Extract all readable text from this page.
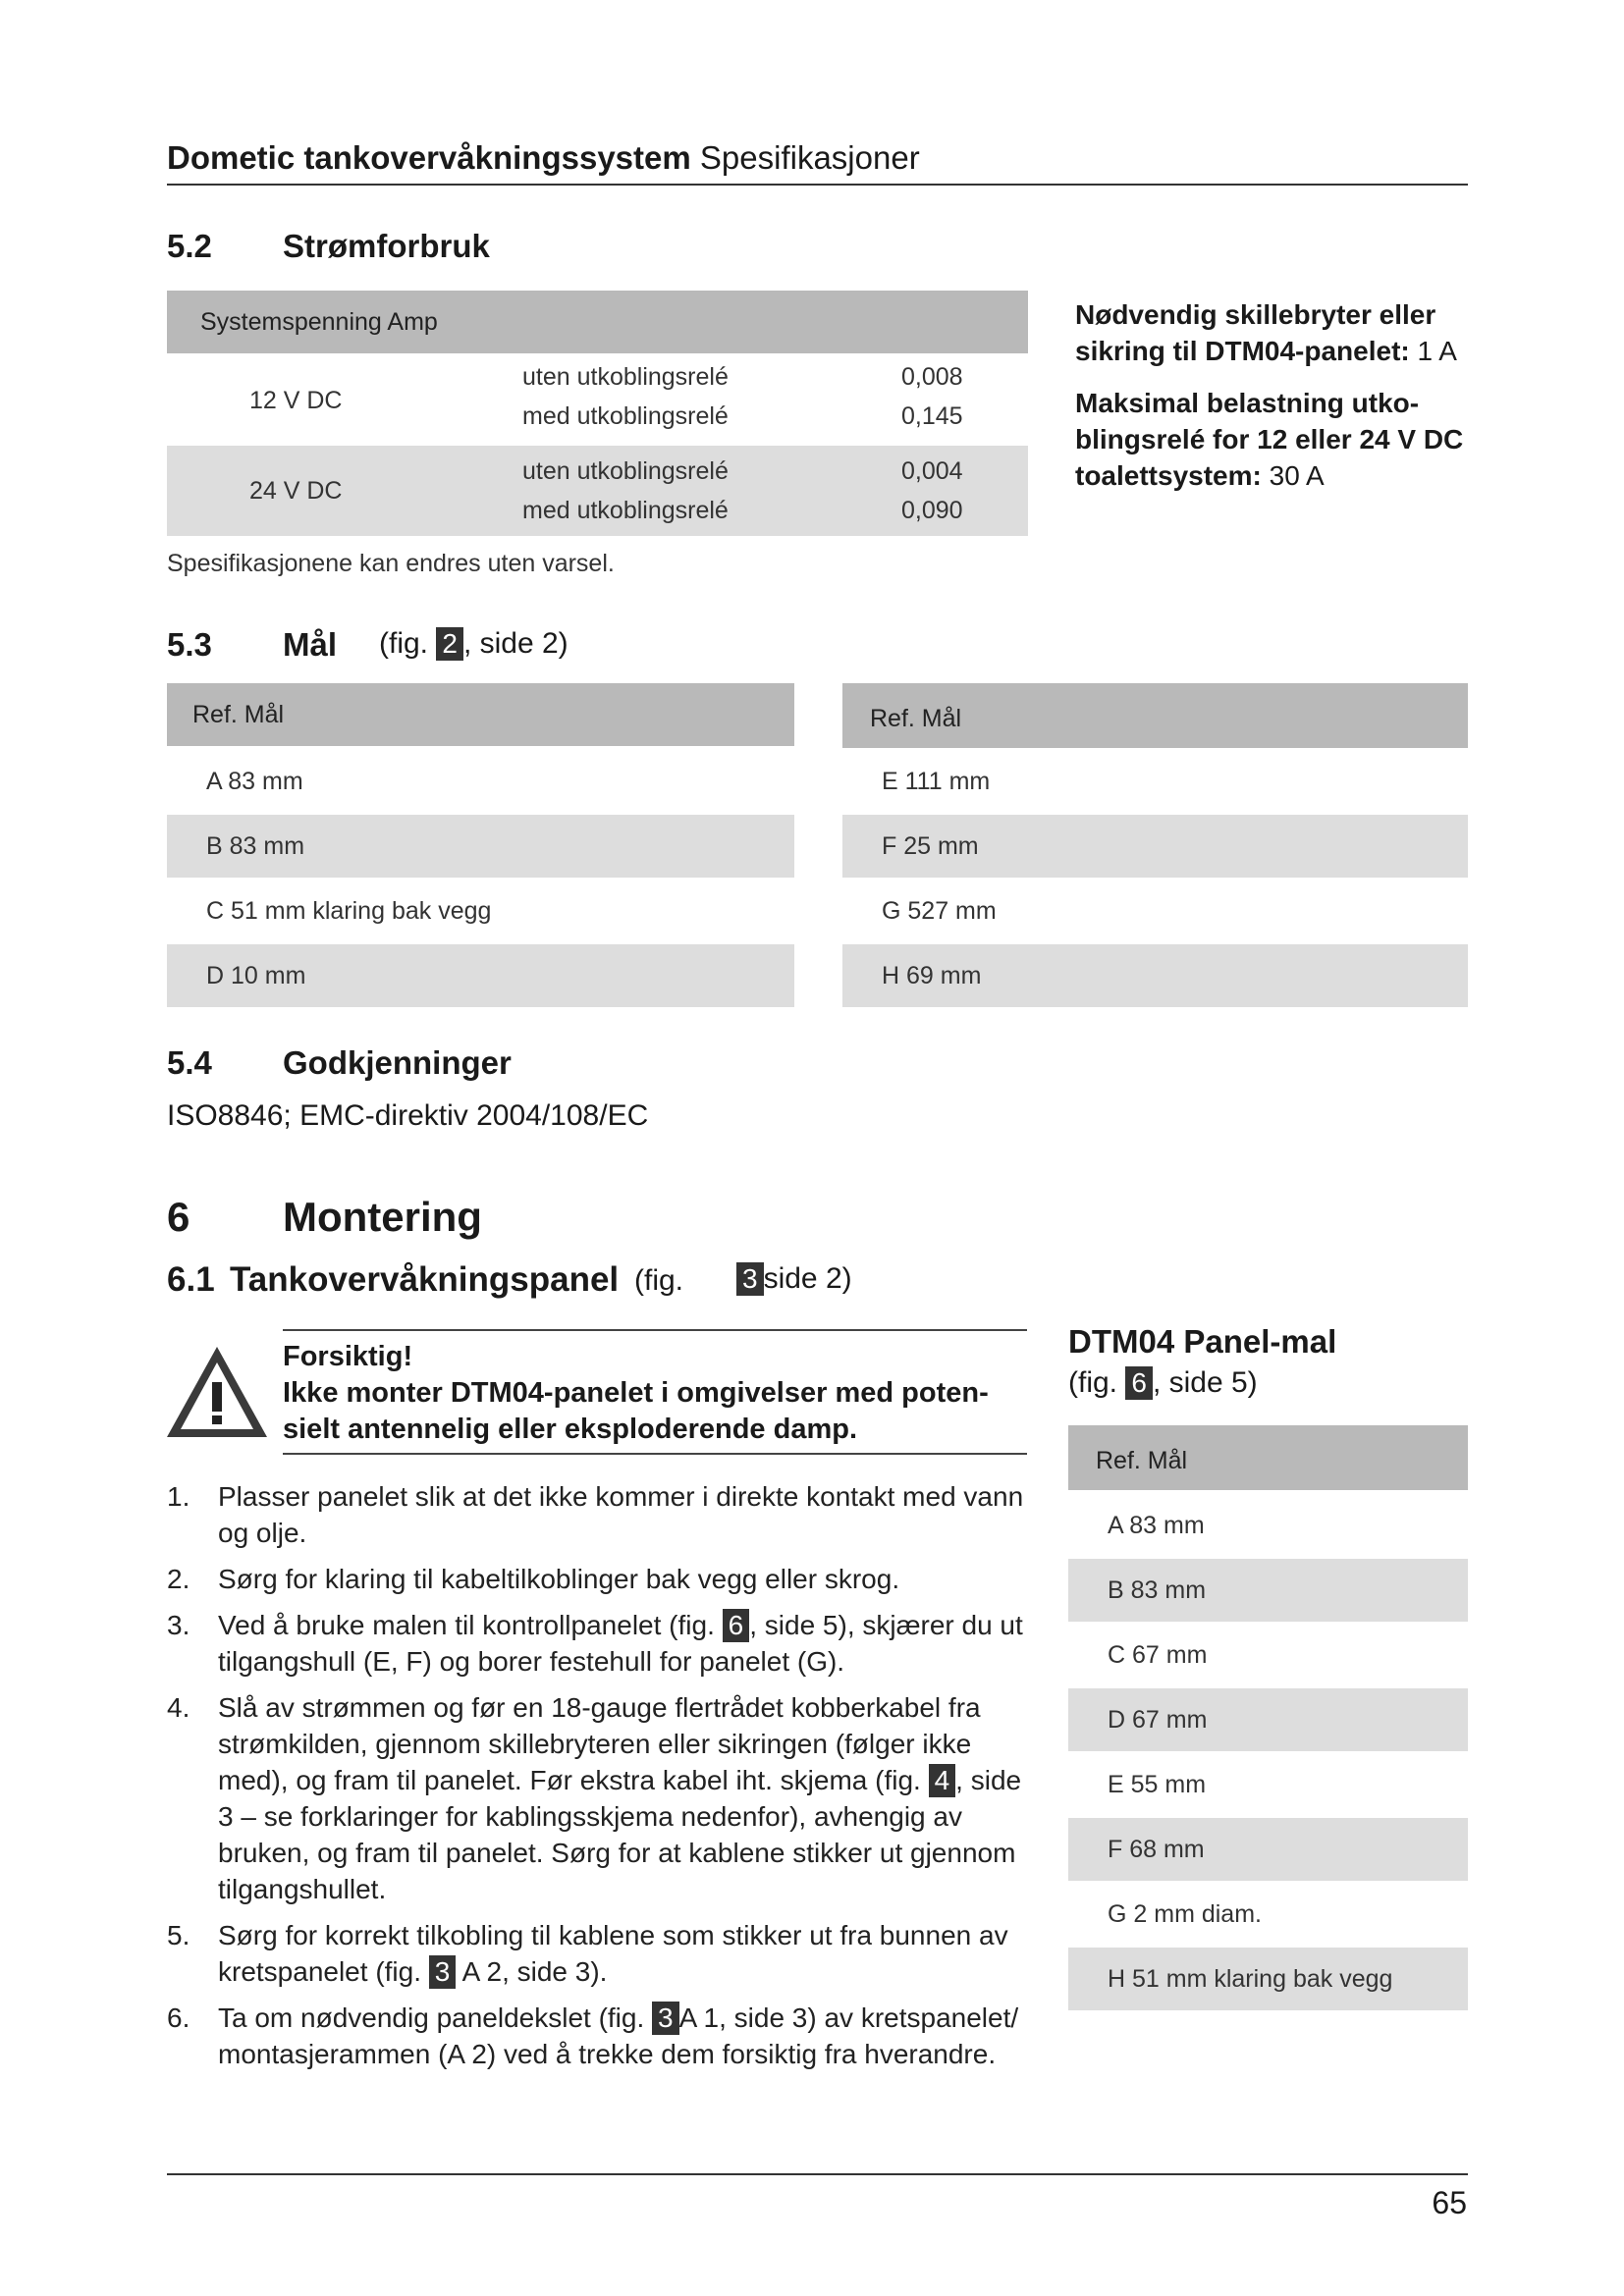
Dometic tankovervåkningssystem Spesifikasjoner
5.2 Strømforbruk
Systemspenning Amp
12 V DC
uten utkoblingsrelé	0,008
med utkoblingsrelé	0,145
24 V DC
uten utkoblingsrelé	0,004
med utkoblingsrelé	0,090
Spesifikasjonene kan endres uten varsel.
Nødvendig skillebryter eller sikring til DTM04-panelet: 1 A
Maksimal belastning utko-blingsrelé for 12 eller 24 V DC toalettsystem: 30 A
5.3 Mål (fig. 2 , side 2)
Ref. Mål
A 83 mm
B 83 mm
C 51 mm klaring bak vegg
D 10 mm
Ref. Mål
E 111 mm
F 25 mm
G 527 mm
H 69 mm
5.4 Godkjenninger
ISO8846; EMC-direktiv 2004/108/EC
6 Montering
6.1 Tankovervåkningspanel (fig. 3 side 2)
Forsiktig!
Ikke monter DTM04-panelet i omgivelser med poten-sielt antennelig eller eksploderende damp.
1. Plasser panelet slik at det ikke kommer i direkte kontakt med vann og olje.
2. Sørg for klaring til kabeltilkoblinger bak vegg eller skrog.
3. Ved å bruke malen til kontrollpanelet (fig. 6 , side 5), skjærer du ut tilgangshull (E, F) og borer festehull for panelet (G).
4. Slå av strømmen og før en 18-gauge flertrådet kobberkabel fra strømkilden, gjennom skillebryteren eller sikringen (følger ikke med), og fram til panelet. Før ekstra kabel iht. skjema (fig. 4 , side 3 – se forklaringer for kablingsskjema nedenfor), avhengig av bruken, og fram til panelet. Sørg for at kablene stikker ut gjennom tilgangshullet.
5. Sørg for korrekt tilkobling til kablene som stikker ut fra bunnen av kretspanelet (fig. 3 A 2, side 3).
6. Ta om nødvendig paneldekslet (fig. 3 A 1, side 3) av kretspanelet/ montasjerammen (A 2) ved å trekke dem forsiktig fra hverandre.
DTM04 Panel-mal
(fig. 6 , side 5)
Ref. Mål
A 83 mm
B 83 mm
C 67 mm
D 67 mm
E 55 mm
F 68 mm
G 2 mm diam.
H 51 mm klaring bak vegg
65
